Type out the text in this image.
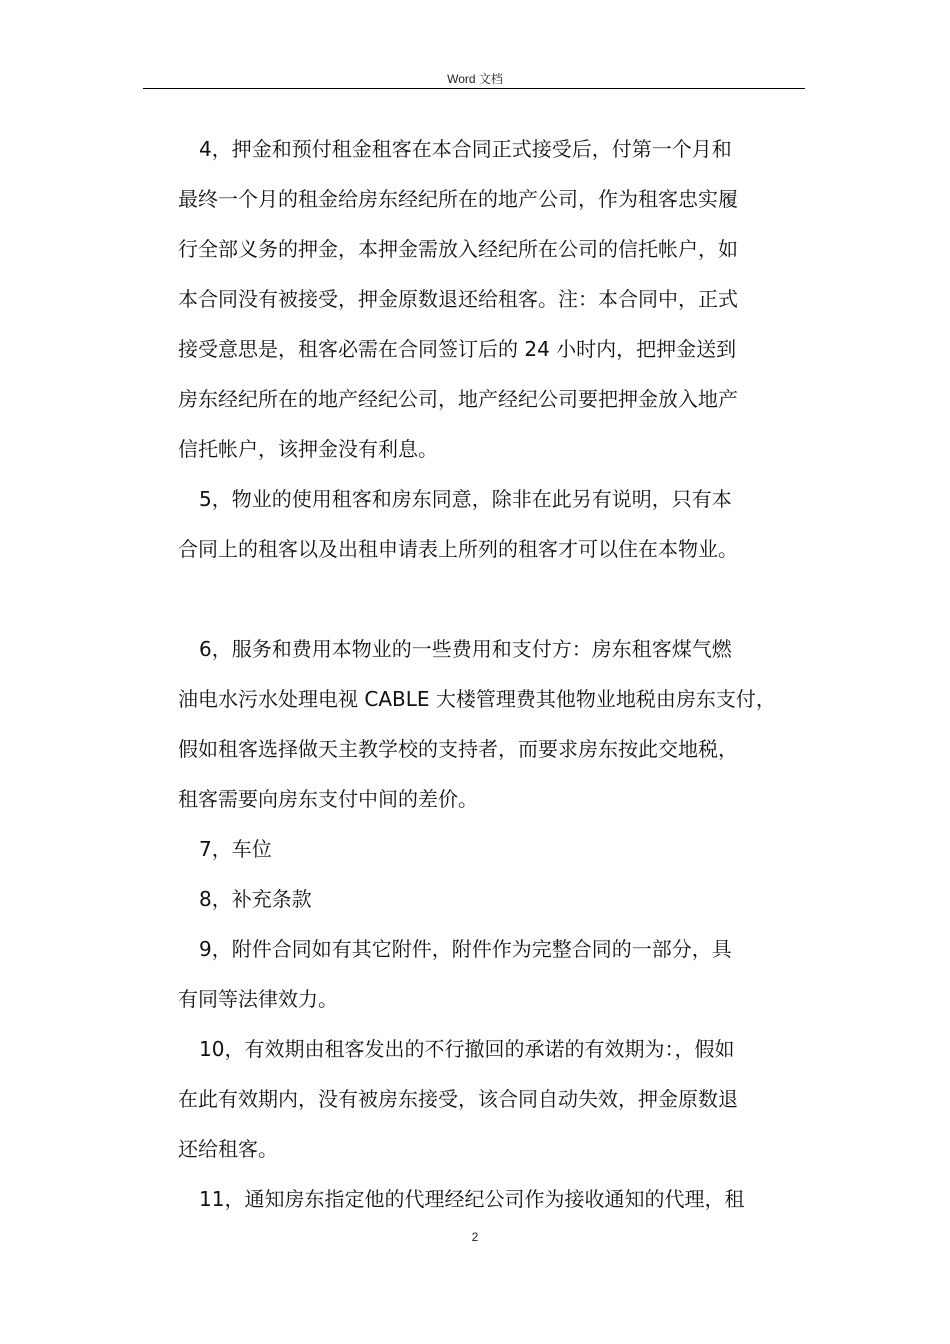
Word 文档
4，押金和预付租金租客在本合同正式接受后，付第一个月和
最终一个月的租金给房东经纪所在的地产公司，作为租客忠实履
行全部义务的押金，本押金需放入经纪所在公司的信托帐户，如
本合同没有被接受，押金原数退还给租客。注：本合同中，正式
接受意思是，租客必需在合同签订后的 24 小时内，把押金送到
房东经纪所在的地产经纪公司，地产经纪公司要把押金放入地产
信托帐户，该押金没有利息。
5，物业的使用租客和房东同意，除非在此另有说明，只有本
合同上的租客以及出租申请表上所列的租客才可以住在本物业。
6，服务和费用本物业的一些费用和支付方：房东租客煤气燃
油电水污水处理电视 CABLE 大楼管理费其他物业地税由房东支付，
假如租客选择做天主教学校的支持者，而要求房东按此交地税，
租客需要向房东支付中间的差价。
7，车位
8，补充条款
9，附件合同如有其它附件，附件作为完整合同的一部分，具
有同等法律效力。
10，有效期由租客发出的不行撤回的承诺的有效期为：，假如
在此有效期内，没有被房东接受，该合同自动失效，押金原数退
还给租客。
11，通知房东指定他的代理经纪公司作为接收通知的代理，租
2
